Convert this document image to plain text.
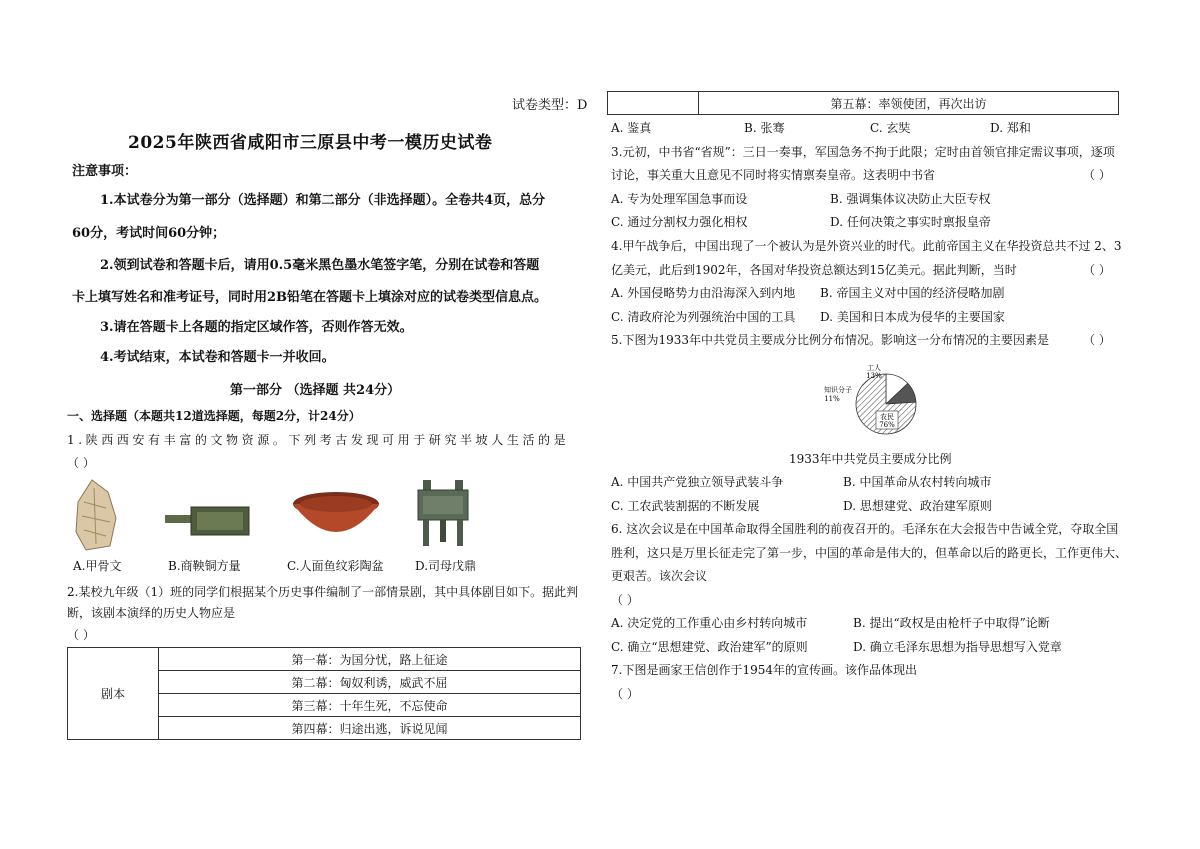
试卷类型：D
2025年陕西省咸阳市三原县中考一模历史试卷
注意事项：
1.本试卷分为第一部分（选择题）和第二部分（非选择题）。全卷共4页，总分
60分，考试时间60分钟；
2.领到试卷和答题卡后，请用0.5毫米黑色墨水笔签字笔，分别在试卷和答题
卡上填写姓名和准考证号，同时用2B铅笔在答题卡上填涂对应的试卷类型信息点。
3.请在答题卡上各题的指定区域作答，否则作答无效。
4.考试结束，本试卷和答题卡一并收回。
第一部分 （选择题 共24分）
一、选择题（本题共12道选择题，每题2分，计24分）
1.陕西西安有丰富的文物资源。下列考古发现可用于研究半坡人生活的是
（ ）
A.甲骨文	B.商鞅铜方量	C.人面鱼纹彩陶盆	D.司母戊鼎
2.某校九年级（1）班的同学们根据某个历史事件编制了一部情景剧，其中具体剧目如下。据此判
断，该剧本演绎的历史人物应是
（ ）
剧本	第一幕：为国分忧，路上征途
第二幕：匈奴利诱，威武不屈
第三幕：十年生死，不忘使命
第四幕：归途出逃，诉说见闻
	第五幕：率领使团，再次出访
A. 鉴真	B. 张骞	C. 玄奘	D. 郑和
3.元初，中书省“省规”：三日一奏事，军国急务不拘于此限；定时由首领官排定需议事项，逐项
讨论，事关重大且意见不同时将实情禀奏皇帝。这表明中书省	（ ）
A. 专为处理军国急事而设	B. 强调集体议决防止大臣专权
C. 通过分割权力强化相权	D. 任何决策之事实时禀报皇帝
4.甲午战争后，中国出现了一个被认为是外资兴业的时代。此前帝国主义在华投资总共不过 2、3
亿美元，此后到1902年，各国对华投资总额达到15亿美元。据此判断，当时	（ ）
A. 外国侵略势力由沿海深入到内地 B. 帝国主义对中国的经济侵略加剧
C. 清政府沦为列强统治中国的工具 D. 美国和日本成为侵华的主要国家
5.下图为1933年中共党员主要成分比例分布情况。影响这一分布情况的主要因素是	（ ）
工人
13%
知识分子
11%
农民
76%
1933年中共党员主要成分比例
A. 中国共产党独立领导武装斗争	B. 中国革命从农村转向城市
C. 工农武装割据的不断发展	D. 思想建党、政治建军原则
6. 这次会议是在中国革命取得全国胜利的前夜召开的。毛泽东在大会报告中告诫全党，夺取全国
胜利，这只是万里长征走完了第一步，中国的革命是伟大的，但革命以后的路更长，工作更伟大、
更艰苦。该次会议
（ ）
A. 决定党的工作重心由乡村转向城市	B. 提出“政权是由枪杆子中取得”论断
C. 确立“思想建党、政治建军”的原则	D. 确立毛泽东思想为指导思想写入党章
7.下图是画家王信创作于1954年的宣传画。该作品体现出
（ ）
